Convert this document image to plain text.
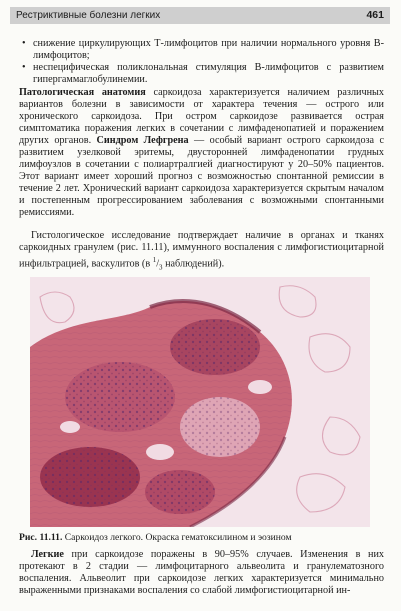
Рестриктивные болезни легких	461
• снижение циркулирующих Т-лимфоцитов при наличии нормального уровня В-лимфоцитов;
• неспецифическая поликлональная стимуляция В-лимфоцитов с развитием гипергаммаглобулинемии.

Патологическая анатомия саркоидоза характеризуется наличием различных вариантов болезни в зависимости от характера течения — острого или хронического саркоидоза. При остром саркоидозе развивается острая симптоматика поражения легких в сочетании с лимфаденопатией и поражением других органов. Синдром Лефгрена — особый вариант острого саркоидоза с развитием узелковой эритемы, двусторонней лимфаденопатии грудных лимфоузлов в сочетании с полиартралгией диагностируют у 20–50% пациентов. Этот вариант имеет хороший прогноз с возможностью спонтанной ремиссии в течение 2 лет. Хронический вариант саркоидоза характеризуется скрытым началом и постепенным прогрессированием заболевания с возможными спонтанными ремиссиями.

Гистологическое исследование подтверждает наличие в органах и тканях саркоидных гранулем (рис. 11.11), иммунного воспаления с лимфогистиоцитарной инфильтрацией, васкулитов (в $^1/_3$ наблюдений).

Рис. 11.11. Саркоидоз легкого. Окраска гематоксилином и эозином

Легкие при саркоидозе поражены в 90–95% случаев. Изменения в них протекают в 2 стадии — лимфоцитарного альвеолита и гранулематозного воспаления. Альвеолит при саркоидозе легких характеризуется минимально выраженными признаками воспаления со слабой лимфогистиоцитарной ин-
